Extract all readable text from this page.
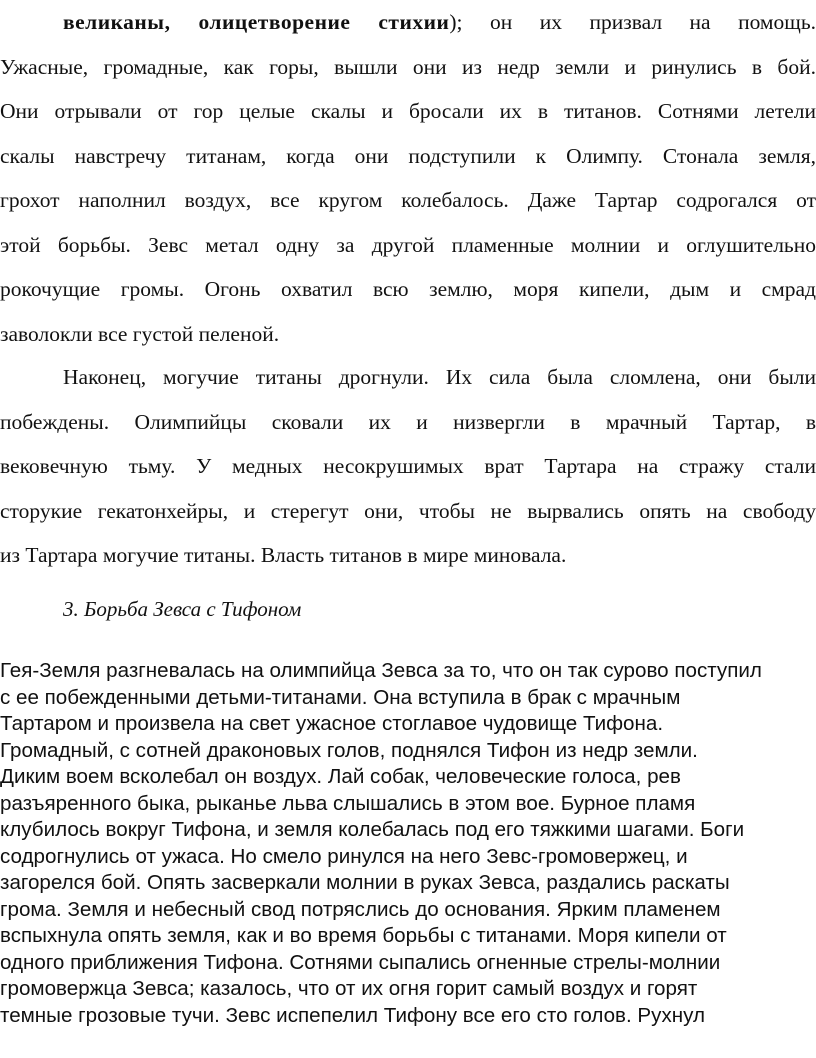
великаны, олицетворение стихии); он их призвал на помощь.
Ужасные, громадные, как горы, вышли они из недр земли и ринулись в бой.
Они отрывали от гор целые скалы и бросали их в титанов. Сотнями летели
скалы навстречу титанам, когда они подступили к Олимпу. Стонала земля,
грохот наполнил воздух, все кругом колебалось. Даже Тартар содрогался от
этой борьбы. Зевс метал одну за другой пламенные молнии и оглушительно
рокочущие громы. Огонь охватил всю землю, моря кипели, дым и смрад
заволокли все густой пеленой.
Наконец, могучие титаны дрогнули. Их сила была сломлена, они были
побеждены. Олимпийцы сковали их и низвергли в мрачный Тартар, в
вековечную тьму. У медных несокрушимых врат Тартара на стражу стали
сторукие гекатонхейры, и стерегут они, чтобы не вырвались опять на свободу
из Тартара могучие титаны. Власть титанов в мире миновала.
3. Борьба Зевса с Тифоном
Гея-Земля разгневалась на олимпийца Зевса за то, что он так сурово поступил
с ее побежденными детьми-титанами. Она вступила в брак с мрачным
Тартаром и произвела на свет ужасное стоглавое чудовище Тифона.
Громадный, с сотней драконовых голов, поднялся Тифон из недр земли.
Диким воем всколебал он воздух. Лай собак, человеческие голоса, рев
разъяренного быка, рыканье льва слышались в этом вое. Бурное пламя
клубилось вокруг Тифона, и земля колебалась под его тяжкими шагами. Боги
содрогнулись от ужаса. Но смело ринулся на него Зевс-громовержец, и
загорелся бой. Опять засверкали молнии в руках Зевса, раздались раскаты
грома. Земля и небесный свод потряслись до основания. Ярким пламенем
вспыхнула опять земля, как и во время борьбы с титанами. Моря кипели от
одного приближения Тифона. Сотнями сыпались огненные стрелы-молнии
громовержца Зевса; казалось, что от их огня горит самый воздух и горят
темные грозовые тучи. Зевс испепелил Тифону все его сто голов. Рухнул
